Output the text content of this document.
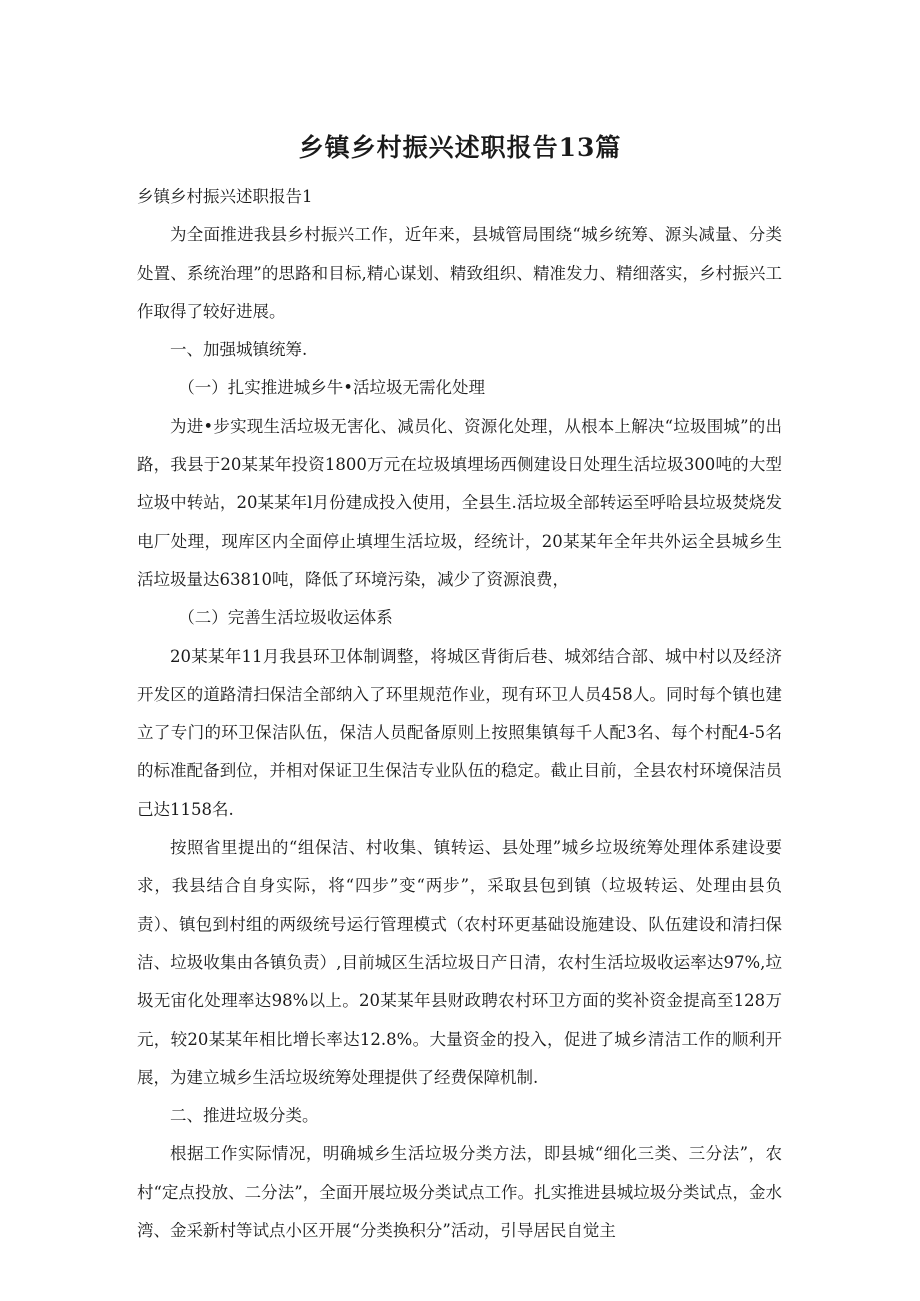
乡镇乡村振兴述职报告13篇

乡镇乡村振兴述职报告1

为全面推进我县乡村振兴工作，近年来，县城管局围绕“城乡统筹、源头减量、分类处置、系统治理”的思路和目标,精心谋划、精致组织、精准发力、精细落实，乡村振兴工作取得了较好进展。

一、加强城镇统筹.

（一）扎实推进城乡牛•活垃圾无需化处理

为进•步实现生活垃圾无害化、减员化、资源化处理，从根本上解决“垃圾围城”的出路，我县于20某某年投资1800万元在垃圾填埋场西侧建设日处理生活垃圾300吨的大型垃圾中转站，20某某年l月份建成投入使用，全县生.活垃圾全部转运至呼哈县垃圾焚烧发电厂处理，现库区内全面停止填埋生活垃圾，经统计，20某某年全年共外运全县城乡生活垃圾量达63810吨，降低了环境污染，减少了资源浪费，

（二）完善生活垃圾收运体系

20某某年11月我县环卫体制调整，将城区背街后巷、城郊结合部、城中村以及经济开发区的道路清扫保洁全部纳入了环里规范作业，现有环卫人员458人。同时每个镇也建立了专门的环卫保洁队伍，保洁人员配备原则上按照集镇每千人配3名、每个村配4-5名的标准配备到位，并相对保证卫生保洁专业队伍的稳定。截止目前，全县农村环境保洁员己达1158名.

按照省里提出的“组保洁、村收集、镇转运、县处理”城乡垃圾统筹处理体系建设要求，我县结合自身实际，将“四步”变“两步”，采取县包到镇（垃圾转运、处理由县负责）、镇包到村组的两级统号运行管理模式（农村环更基础设施建设、队伍建设和清扫保洁、垃圾收集由各镇负责）,目前城区生活垃圾日产日清，农村生活垃圾收运率达97%,垃圾无宙化处理率达98%以上。20某某年县财政聘农村环卫方面的奖补资金提高至128万元，较20某某年相比增长率达12.8%。大量资金的投入，促进了城乡清洁工作的顺利开展，为建立城乡生活垃圾统筹处理提供了经费保障机制.

二、推进垃圾分类。

根据工作实际情况，明确城乡生活垃圾分类方法，即县城“细化三类、三分法”，农村“定点投放、二分法”，全面开展垃圾分类试点工作。扎实推进县城垃圾分类试点，金水湾、金采新村等试点小区开展“分类换积分”活动，引导居民自觉主
